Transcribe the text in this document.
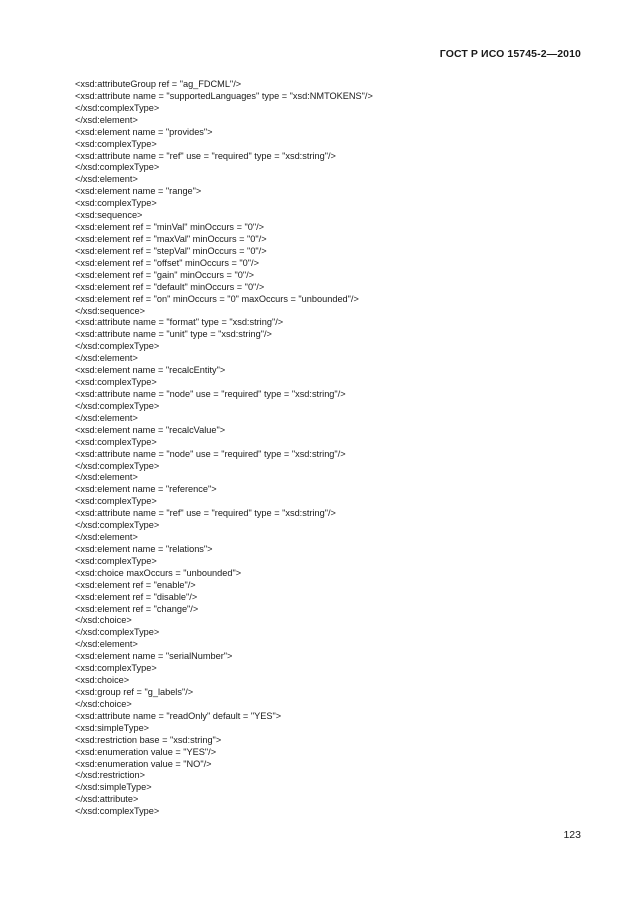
ГОСТ Р ИСО 15745-2—2010
<xsd:attributeGroup ref = "ag_FDCML"/>
<xsd:attribute name = "supportedLanguages" type = "xsd:NMTOKENS"/>
</xsd:complexType>
</xsd:element>
<xsd:element name = "provides">
<xsd:complexType>
<xsd:attribute name = "ref" use = "required" type = "xsd:string"/>
</xsd:complexType>
</xsd:element>
<xsd:element name = "range">
<xsd:complexType>
<xsd:sequence>
<xsd:element ref = "minVal" minOccurs = "0"/>
<xsd:element ref = "maxVal" minOccurs = "0"/>
<xsd:element ref = "stepVal" minOccurs = "0"/>
<xsd:element ref = "offset" minOccurs = "0"/>
<xsd:element ref = "gain" minOccurs = "0"/>
<xsd:element ref = "default" minOccurs = "0"/>
<xsd:element ref = "on" minOccurs = "0" maxOccurs = "unbounded"/>
</xsd:sequence>
<xsd:attribute name = "format" type = "xsd:string"/>
<xsd:attribute name = "unit" type = "xsd:string"/>
</xsd:complexType>
</xsd:element>
<xsd:element name = "recalcEntity">
<xsd:complexType>
<xsd:attribute name = "node" use = "required" type = "xsd:string"/>
</xsd:complexType>
</xsd:element>
<xsd:element name = "recalcValue">
<xsd:complexType>
<xsd:attribute name = "node" use = "required" type = "xsd:string"/>
</xsd:complexType>
</xsd:element>
<xsd:element name = "reference">
<xsd:complexType>
<xsd:attribute name = "ref" use = "required" type = "xsd:string"/>
</xsd:complexType>
</xsd:element>
<xsd:element name = "relations">
<xsd:complexType>
<xsd:choice maxOccurs = "unbounded">
<xsd:element ref = "enable"/>
<xsd:element ref = "disable"/>
<xsd:element ref = "change"/>
</xsd:choice>
</xsd:complexType>
</xsd:element>
<xsd:element name = "serialNumber">
<xsd:complexType>
<xsd:choice>
<xsd:group ref = "g_labels"/>
</xsd:choice>
<xsd:attribute name = "readOnly" default = "YES">
<xsd:simpleType>
<xsd:restriction base = "xsd:string">
<xsd:enumeration value = "YES"/>
<xsd:enumeration value = "NO"/>
</xsd:restriction>
</xsd:simpleType>
</xsd:attribute>
</xsd:complexType>
123
